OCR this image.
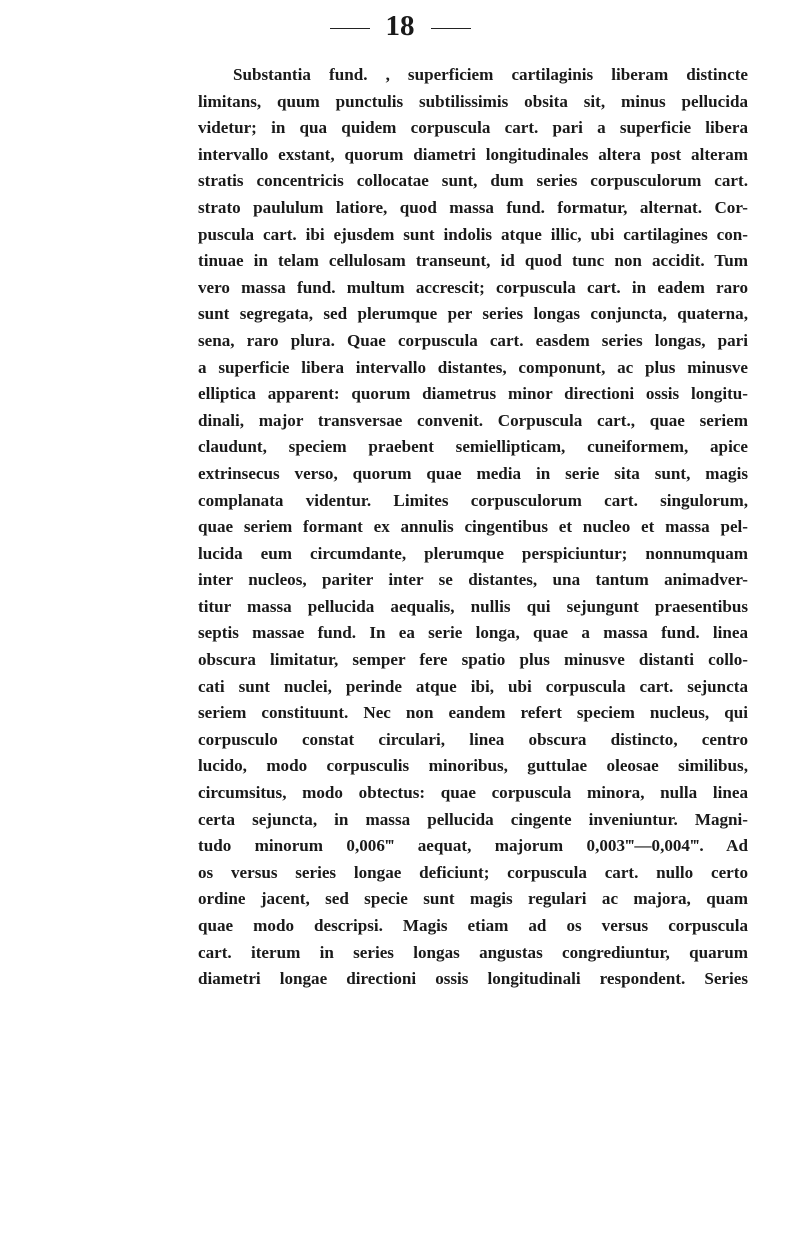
18
Substantia fund. , superficiem cartilaginis liberam distincte
limitans, quum punctulis subtilissimis obsita sit, minus pellucida
videtur; in qua quidem corpuscula cart. pari a superficie libera
intervallo exstant, quorum diametri longitudinales altera post alteram
stratis concentricis collocatae sunt, dum series corpusculorum cart.
strato paululum latiore, quod massa fund. formatur, alternat. Cor-
puscula cart. ibi ejusdem sunt indolis atque illic, ubi cartilagines con-
tinuae in telam cellulosam transeunt, id quod tunc non accidit. Tum
vero massa fund. multum accrescit; corpuscula cart. in eadem raro
sunt segregata, sed plerumque per series longas conjuncta, quaterna,
sena, raro plura. Quae corpuscula cart. easdem series longas, pari
a superficie libera intervallo distantes, componunt, ac plus minusve
elliptica apparent: quorum diametrus minor directioni ossis longitu-
dinali, major transversae convenit. Corpuscula cart., quae seriem
claudunt, speciem praebent semiellipticam, cuneiformem, apice
extrinsecus verso, quorum quae media in serie sita sunt, magis
complanata videntur. Limites corpusculorum cart. singulorum,
quae seriem formant ex annulis cingentibus et nucleo et massa pel-
lucida eum circumdante, plerumque perspiciuntur; nonnumquam
inter nucleos, pariter inter se distantes, una tantum animadver-
titur massa pellucida aequalis, nullis qui sejungunt praesentibus
septis massae fund. In ea serie longa, quae a massa fund. linea
obscura limitatur, semper fere spatio plus minusve distanti collo-
cati sunt nuclei, perinde atque ibi, ubi corpuscula cart. sejuncta
seriem constituunt. Nec non eandem refert speciem nucleus, qui
corpusculo constat circulari, linea obscura distincto, centro
lucido, modo corpusculis minoribus, guttulae oleosae similibus,
circumsitus, modo obtectus: quae corpuscula minora, nulla linea
certa sejuncta, in massa pellucida cingente inveniuntur. Magni-
tudo minorum 0,006‴ aequat, majorum 0,003‴—0,004‴. Ad
os versus series longae deficiunt; corpuscula cart. nullo certo
ordine jacent, sed specie sunt magis regulari ac majora, quam
quae modo descripsi. Magis etiam ad os versus corpuscula
cart. iterum in series longas angustas congrediuntur, quarum
diametri longae directioni ossis longitudinali respondent. Series
